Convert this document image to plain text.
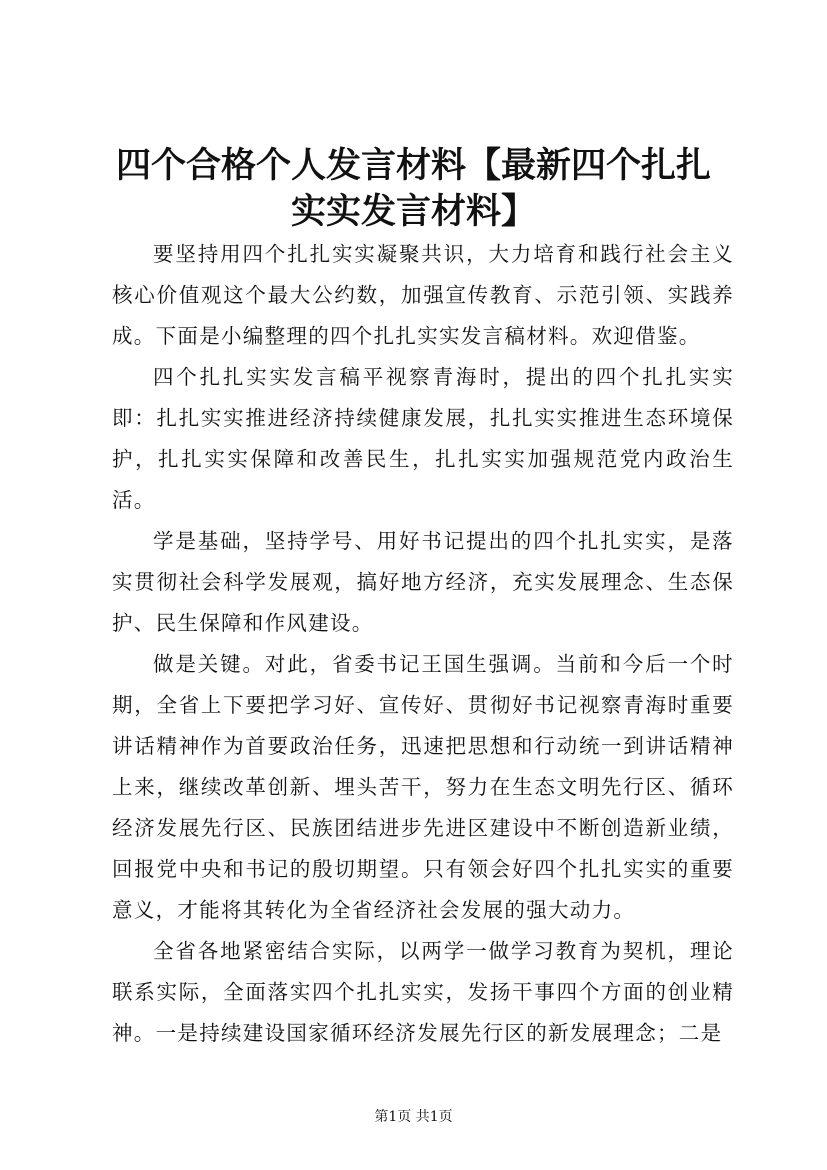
四个合格个人发言材料【最新四个扎扎实实发言材料】

要坚持用四个扎扎实实凝聚共识，大力培育和践行社会主义核心价值观这个最大公约数，加强宣传教育、示范引领、实践养成。下面是小编整理的四个扎扎实实发言稿材料。欢迎借鉴。

四个扎扎实实发言稿平视察青海时，提出的四个扎扎实实即：扎扎实实推进经济持续健康发展，扎扎实实推进生态环境保护，扎扎实实保障和改善民生，扎扎实实加强规范党内政治生活。

学是基础，坚持学号、用好书记提出的四个扎扎实实，是落实贯彻社会科学发展观，搞好地方经济，充实发展理念、生态保护、民生保障和作风建设。

做是关键。对此，省委书记王国生强调。当前和今后一个时期，全省上下要把学习好、宣传好、贯彻好书记视察青海时重要讲话精神作为首要政治任务，迅速把思想和行动统一到讲话精神上来，继续改革创新、埋头苦干，努力在生态文明先行区、循环经济发展先行区、民族团结进步先进区建设中不断创造新业绩，回报党中央和书记的殷切期望。只有领会好四个扎扎实实的重要意义，才能将其转化为全省经济社会发展的强大动力。

全省各地紧密结合实际，以两学一做学习教育为契机，理论联系实际，全面落实四个扎扎实实，发扬干事四个方面的创业精神。一是持续建设国家循环经济发展先行区的新发展理念；二是

第1页 共1页
